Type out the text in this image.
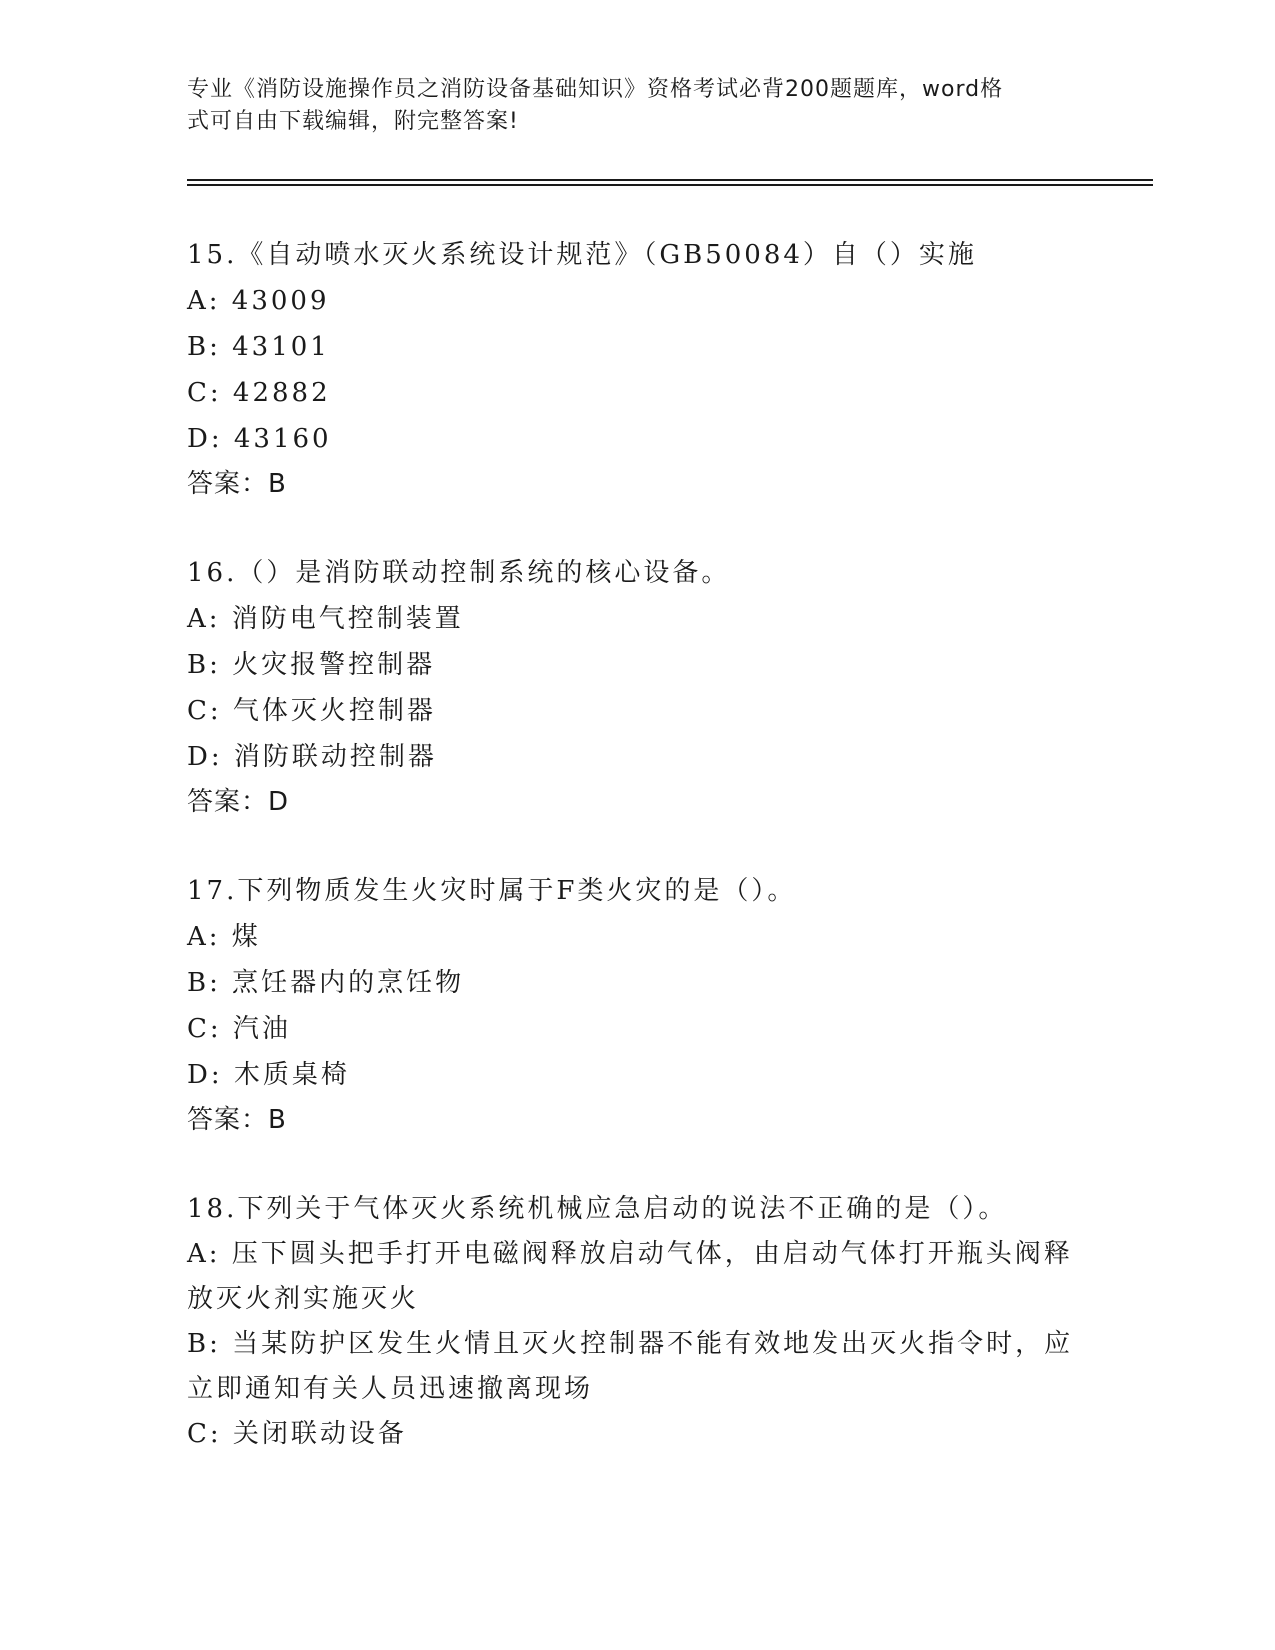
专业《消防设施操作员之消防设备基础知识》资格考试必背200题题库，word格
式可自由下载编辑，附完整答案!
15.《自动喷水灭火系统设计规范》（GB50084）自（）实施
A: 43009
B: 43101
C: 42882
D: 43160
答案：B
16.（）是消防联动控制系统的核心设备。
A: 消防电气控制装置
B: 火灾报警控制器
C: 气体灭火控制器
D: 消防联动控制器
答案：D
17.下列物质发生火灾时属于F类火灾的是（）。
A: 煤
B: 烹饪器内的烹饪物
C: 汽油
D: 木质桌椅
答案：B
18.下列关于气体灭火系统机械应急启动的说法不正确的是（）。
A: 压下圆头把手打开电磁阀释放启动气体，由启动气体打开瓶头阀释放灭火剂实施灭火
B: 当某防护区发生火情且灭火控制器不能有效地发出灭火指令时，应立即通知有关人员迅速撤离现场
C: 关闭联动设备
